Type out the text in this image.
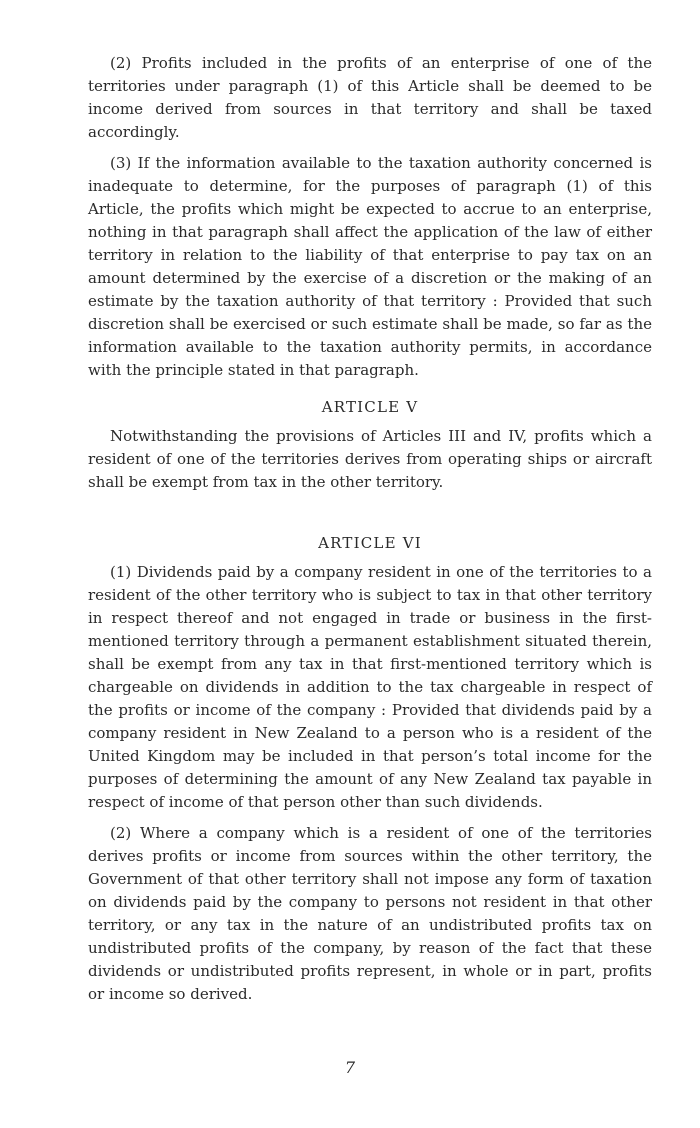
(2) Profits included in the profits of an enterprise of one of the territories under paragraph (1) of this Article shall be deemed to be income derived from sources in that territory and shall be taxed accordingly.

(3) If the information available to the taxation authority concerned is inadequate to determine, for the purposes of paragraph (1) of this Article, the profits which might be expected to accrue to an enterprise, nothing in that paragraph shall affect the application of the law of either territory in relation to the liability of that enterprise to pay tax on an amount determined by the exercise of a discretion or the making of an estimate by the taxation authority of that territory : Provided that such discretion shall be exercised or such estimate shall be made, so far as the information available to the taxation authority permits, in accordance with the principle stated in that paragraph.

ARTICLE V

Notwithstanding the provisions of Articles III and IV, profits which a resident of one of the territories derives from operating ships or aircraft shall be exempt from tax in the other territory.

ARTICLE VI

(1) Dividends paid by a company resident in one of the territories to a resident of the other territory who is subject to tax in that other territory in respect thereof and not engaged in trade or business in the first-mentioned territory through a permanent establishment situated therein, shall be exempt from any tax in that first-mentioned territory which is chargeable on dividends in addition to the tax chargeable in respect of the profits or income of the company : Provided that dividends paid by a company resident in New Zealand to a person who is a resident of the United Kingdom may be included in that person’s total income for the purposes of determining the amount of any New Zealand tax payable in respect of income of that person other than such dividends.

(2) Where a company which is a resident of one of the territories derives profits or income from sources within the other territory, the Government of that other territory shall not impose any form of taxation on dividends paid by the company to persons not resident in that other territory, or any tax in the nature of an undistributed profits tax on undistributed profits of the company, by reason of the fact that these dividends or undistributed profits represent, in whole or in part, profits or income so derived.

7
